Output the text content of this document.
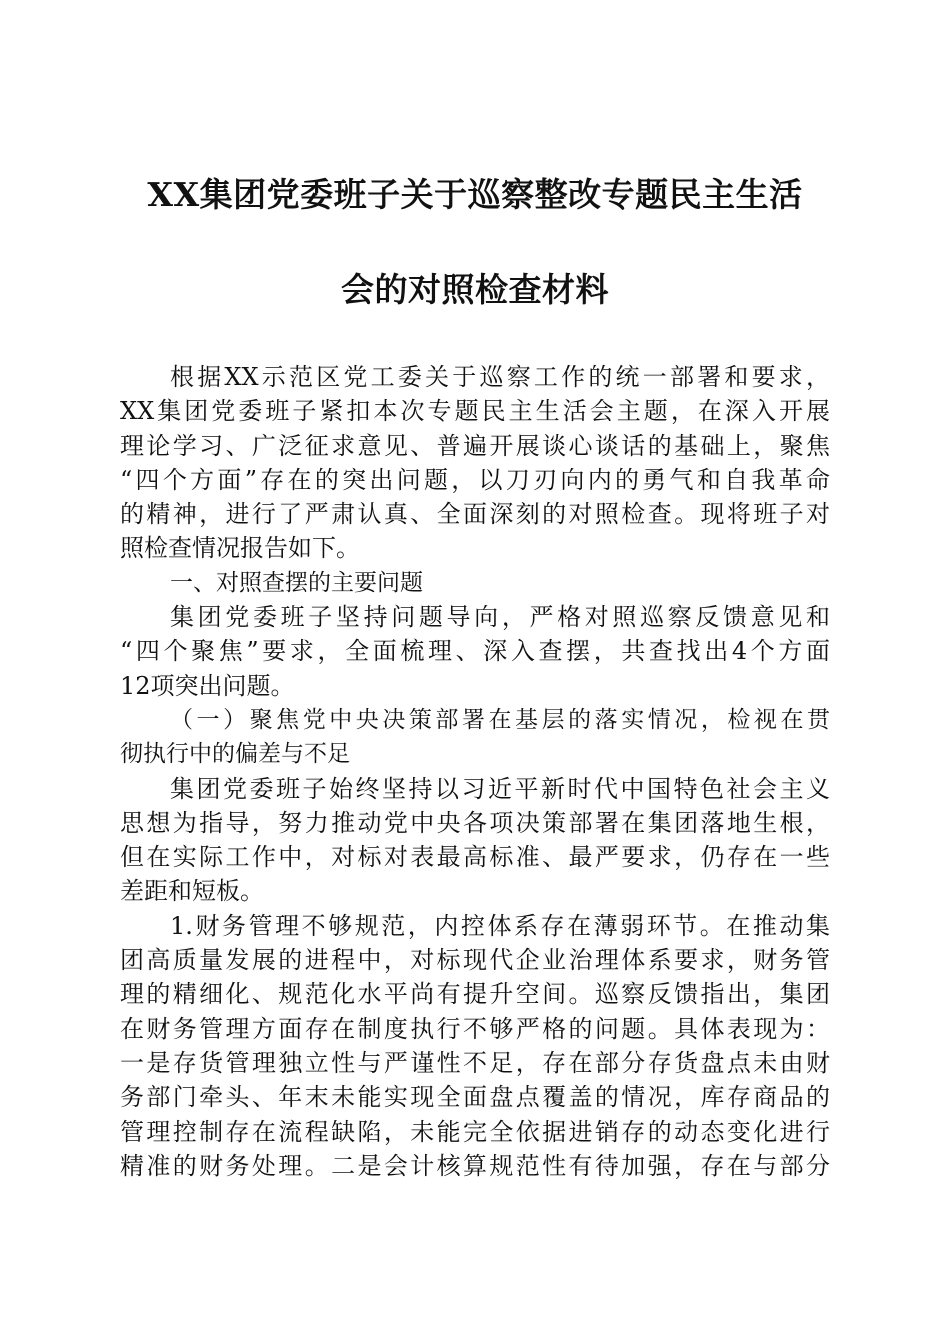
XX集团党委班子关于巡察整改专题民主生活
会的对照检查材料
根据XX示范区党工委关于巡察工作的统一部署和要求，
XX集团党委班子紧扣本次专题民主生活会主题，在深入开展
理论学习、广泛征求意见、普遍开展谈心谈话的基础上，聚焦
“四个方面”存在的突出问题，以刀刃向内的勇气和自我革命
的精神，进行了严肃认真、全面深刻的对照检查。现将班子对
照检查情况报告如下。
一、对照查摆的主要问题
集团党委班子坚持问题导向，严格对照巡察反馈意见和
“四个聚焦”要求，全面梳理、深入查摆，共查找出4个方面
12项突出问题。
（一）聚焦党中央决策部署在基层的落实情况，检视在贯
彻执行中的偏差与不足
集团党委班子始终坚持以习近平新时代中国特色社会主义
思想为指导，努力推动党中央各项决策部署在集团落地生根，
但在实际工作中，对标对表最高标准、最严要求，仍存在一些
差距和短板。
1.财务管理不够规范，内控体系存在薄弱环节。在推动集
团高质量发展的进程中，对标现代企业治理体系要求，财务管
理的精细化、规范化水平尚有提升空间。巡察反馈指出，集团
在财务管理方面存在制度执行不够严格的问题。具体表现为：
一是存货管理独立性与严谨性不足，存在部分存货盘点未由财
务部门牵头、年末未能实现全面盘点覆盖的情况，库存商品的
管理控制存在流程缺陷，未能完全依据进销存的动态变化进行
精准的财务处理。二是会计核算规范性有待加强，存在与部分
